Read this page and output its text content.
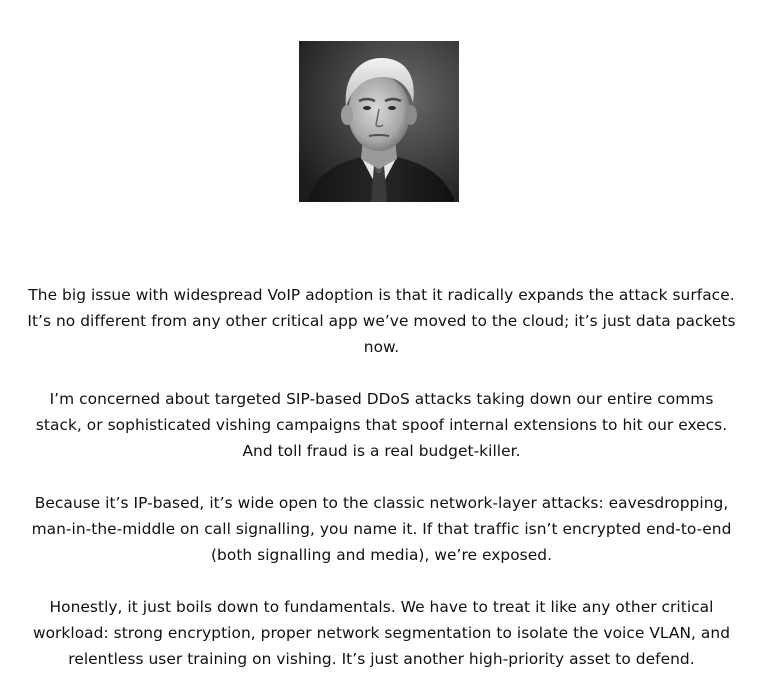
The big issue with widespread VoIP adoption is that it radically expands the attack surface. It’s no different from any other critical app we’ve moved to the cloud; it’s just data packets now.

I’m concerned about targeted SIP-based DDoS attacks taking down our entire comms stack, or sophisticated vishing campaigns that spoof internal extensions to hit our execs. And toll fraud is a real budget-killer.

Because it’s IP-based, it’s wide open to the classic network-layer attacks: eavesdropping, man-in-the-middle on call signalling, you name it. If that traffic isn’t encrypted end-to-end (both signalling and media), we’re exposed.

Honestly, it just boils down to fundamentals. We have to treat it like any other critical workload: strong encryption, proper network segmentation to isolate the voice VLAN, and relentless user training on vishing. It’s just another high-priority asset to defend.
